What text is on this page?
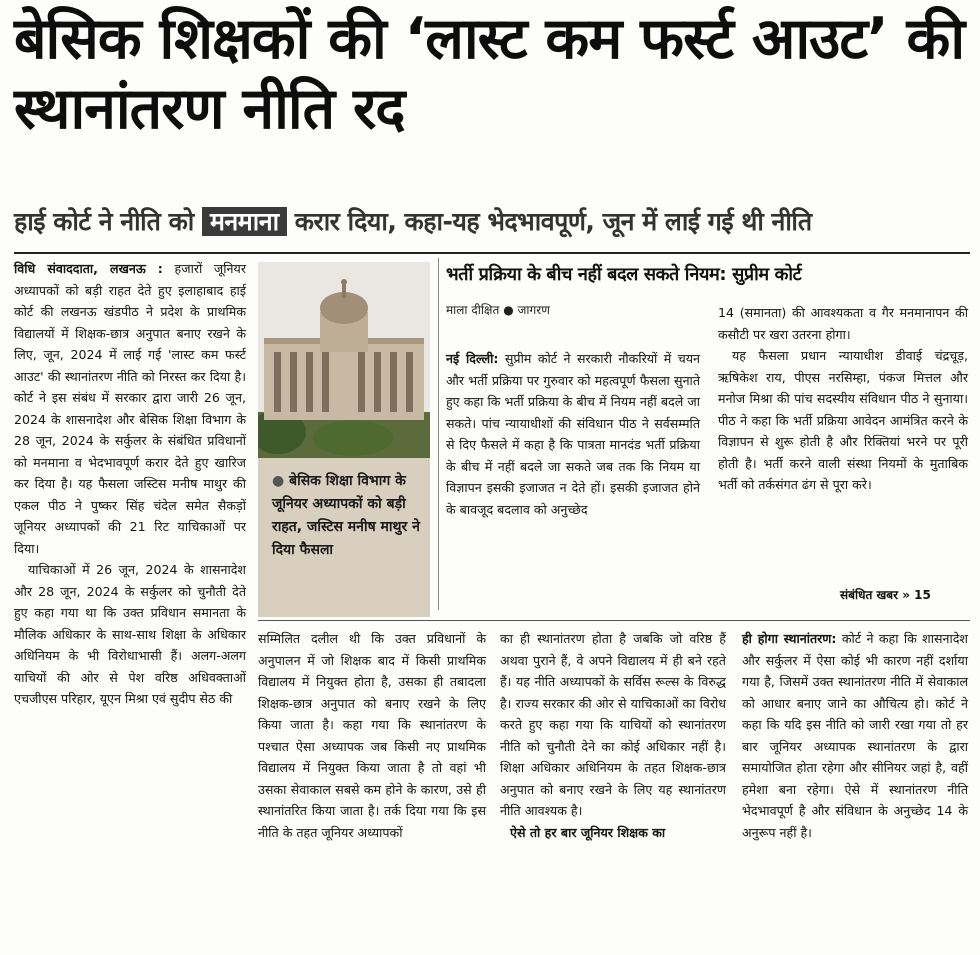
बेसिक शिक्षकों की ‘लास्ट कम फर्स्ट आउट’ की स्थानांतरण नीति रद
हाई कोर्ट ने नीति को मनमाना करार दिया, कहा-यह भेदभावपूर्ण, जून में लाई गई थी नीति

विधि संवाददाता, लखनऊ : हजारों जूनियर अध्यापकों को बड़ी राहत देते हुए इलाहाबाद हाई कोर्ट की लखनऊ खंडपीठ ने प्रदेश के प्राथमिक विद्यालयों में शिक्षक-छात्र अनुपात बनाए रखने के लिए, जून, 2024 में लाई गई 'लास्ट कम फर्स्ट आउट' की स्थानांतरण नीति को निरस्त कर दिया है। कोर्ट ने इस संबंध में सरकार द्वारा जारी 26 जून, 2024 के शासनादेश और बेसिक शिक्षा विभाग के 28 जून, 2024 के सर्कुलर के संबंधित प्रविधानों को मनमाना व भेदभावपूर्ण करार देते हुए खारिज कर दिया है। यह फैसला जस्टिस मनीष माथुर की एकल पीठ ने पुष्कर सिंह चंदेल समेत सैकड़ों जूनियर अध्यापकों की 21 रिट याचिकाओं पर दिया।

याचिकाओं में 26 जून, 2024 के शासनादेश और 28 जून, 2024 के सर्कुलर को चुनौती देते हुए कहा गया था कि उक्त प्रविधान समानता के मौलिक अधिकार के साथ-साथ शिक्षा के अधिकार अधिनियम के भी विरोधाभासी हैं। अलग-अलग याचियों की ओर से पेश वरिष्ठ अधिवक्ताओं एचजीएस परिहार, यूएन मिश्रा एवं सुदीप सेठ की

● बेसिक शिक्षा विभाग के जूनियर अध्यापकों को बड़ी राहत, जस्टिस मनीष माथुर ने दिया फैसला
भर्ती प्रक्रिया के बीच नहीं बदल सकते नियम: सुप्रीम कोर्ट
माला दीक्षित ● जागरण

नई दिल्ली: सुप्रीम कोर्ट ने सरकारी नौकरियों में चयन और भर्ती प्रक्रिया पर गुरुवार को महत्वपूर्ण फैसला सुनाते हुए कहा कि भर्ती प्रक्रिया के बीच में नियम नहीं बदले जा सकते। पांच न्यायाधीशों की संविधान पीठ ने सर्वसम्मति से दिए फैसले में कहा है कि पात्रता मानदंड भर्ती प्रक्रिया के बीच में नहीं बदले जा सकते जब तक कि नियम या विज्ञापन इसकी इजाजत न देते हों। इसकी इजाजत होने के बावजूद बदलाव को अनुच्छेद

14 (समानता) की आवश्यकता व गैर मनमानापन की कसौटी पर खरा उतरना होगा।

यह फैसला प्रधान न्यायाधीश डीवाई चंद्रचूड़, ऋषिकेश राय, पीएस नरसिम्हा, पंकज मित्तल और मनोज मिश्रा की पांच सदस्यीय संविधान पीठ ने सुनाया। पीठ ने कहा कि भर्ती प्रक्रिया आवेदन आमंत्रित करने के विज्ञापन से शुरू होती है और रिक्तियां भरने पर पूरी होती है। भर्ती करने वाली संस्था नियमों के मुताबिक भर्ती को तर्कसंगत ढंग से पूरा करे।

संबंधित खबर » 15

सम्मिलित दलील थी कि उक्त प्रविधानों के अनुपालन में जो शिक्षक बाद में किसी प्राथमिक विद्यालय में नियुक्त होता है, उसका ही तबादला शिक्षक-छात्र अनुपात को बनाए रखने के लिए किया जाता है। कहा गया कि स्थानांतरण के पश्चात ऐसा अध्यापक जब किसी नए प्राथमिक विद्यालय में नियुक्त किया जाता है तो वहां भी उसका सेवाकाल सबसे कम होने के कारण, उसे ही स्थानांतरित किया जाता है। तर्क दिया गया कि इस नीति के तहत जूनियर अध्यापकों

का ही स्थानांतरण होता है जबकि जो वरिष्ठ हैं अथवा पुराने हैं, वे अपने विद्यालय में ही बने रहते हैं। यह नीति अध्यापकों के सर्विस रूल्स के विरुद्ध है। राज्य सरकार की ओर से याचिकाओं का विरोध करते हुए कहा गया कि याचियों को स्थानांतरण नीति को चुनौती देने का कोई अधिकार नहीं है। शिक्षा अधिकार अधिनियम के तहत शिक्षक-छात्र अनुपात को बनाए रखने के लिए यह स्थानांतरण नीति आवश्यक है।

ऐसे तो हर बार जूनियर शिक्षक का

ही होगा स्थानांतरण: कोर्ट ने कहा कि शासनादेश और सर्कुलर में ऐसा कोई भी कारण नहीं दर्शाया गया है, जिसमें उक्त स्थानांतरण नीति में सेवाकाल को आधार बनाए जाने का औचित्य हो। कोर्ट ने कहा कि यदि इस नीति को जारी रखा गया तो हर बार जूनियर अध्यापक स्थानांतरण के द्वारा समायोजित होता रहेगा और सीनियर जहां है, वहीं हमेशा बना रहेगा। ऐसे में स्थानांतरण नीति भेदभावपूर्ण है और संविधान के अनुच्छेद 14 के अनुरूप नहीं है।
